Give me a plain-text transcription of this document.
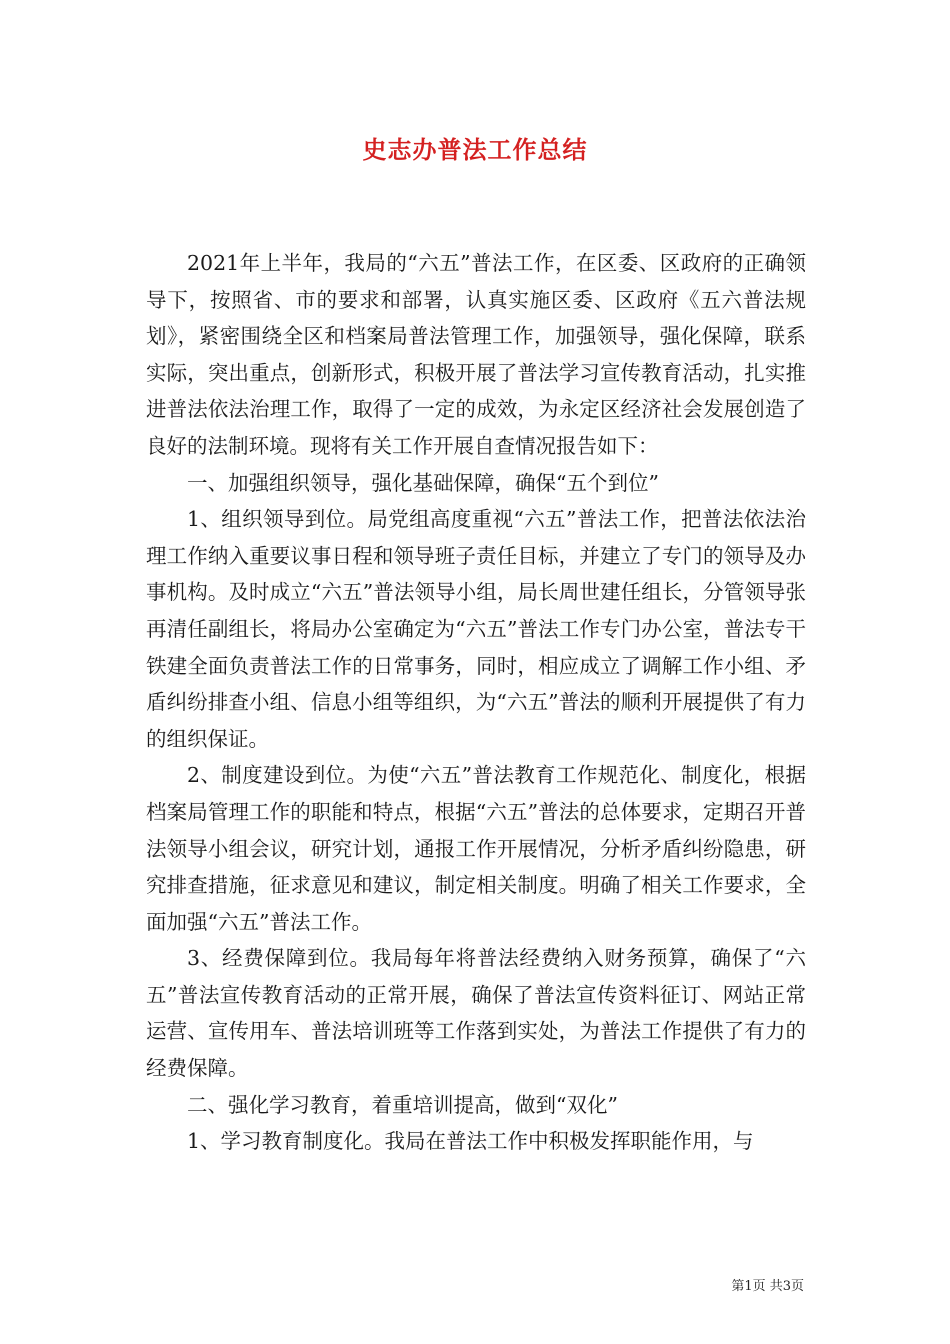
史志办普法工作总结

2021年上半年，我局的“六五”普法工作，在区委、区政府的正确领导下，按照省、市的要求和部署，认真实施区委、区政府《五六普法规划》，紧密围绕全区和档案局普法管理工作，加强领导，强化保障，联系实际，突出重点，创新形式，积极开展了普法学习宣传教育活动，扎实推进普法依法治理工作，取得了一定的成效，为永定区经济社会发展创造了良好的法制环境。现将有关工作开展自查情况报告如下：

一、加强组织领导，强化基础保障，确保“五个到位”

1、组织领导到位。局党组高度重视“六五”普法工作，把普法依法治理工作纳入重要议事日程和领导班子责任目标，并建立了专门的领导及办事机构。及时成立“六五”普法领导小组，局长周世建任组长，分管领导张再清任副组长，将局办公室确定为“六五”普法工作专门办公室，普法专干铁建全面负责普法工作的日常事务，同时，相应成立了调解工作小组、矛盾纠纷排查小组、信息小组等组织，为“六五”普法的顺利开展提供了有力的组织保证。

2、制度建设到位。为使“六五”普法教育工作规范化、制度化，根据档案局管理工作的职能和特点，根据“六五”普法的总体要求，定期召开普法领导小组会议，研究计划，通报工作开展情况，分析矛盾纠纷隐患，研究排查措施，征求意见和建议，制定相关制度。明确了相关工作要求，全面加强“六五”普法工作。

3、经费保障到位。我局每年将普法经费纳入财务预算，确保了“六五”普法宣传教育活动的正常开展，确保了普法宣传资料征订、网站正常运营、宣传用车、普法培训班等工作落到实处，为普法工作提供了有力的经费保障。

二、强化学习教育，着重培训提高，做到“双化”

1、学习教育制度化。我局在普法工作中积极发挥职能作用，与

第1页 共3页
